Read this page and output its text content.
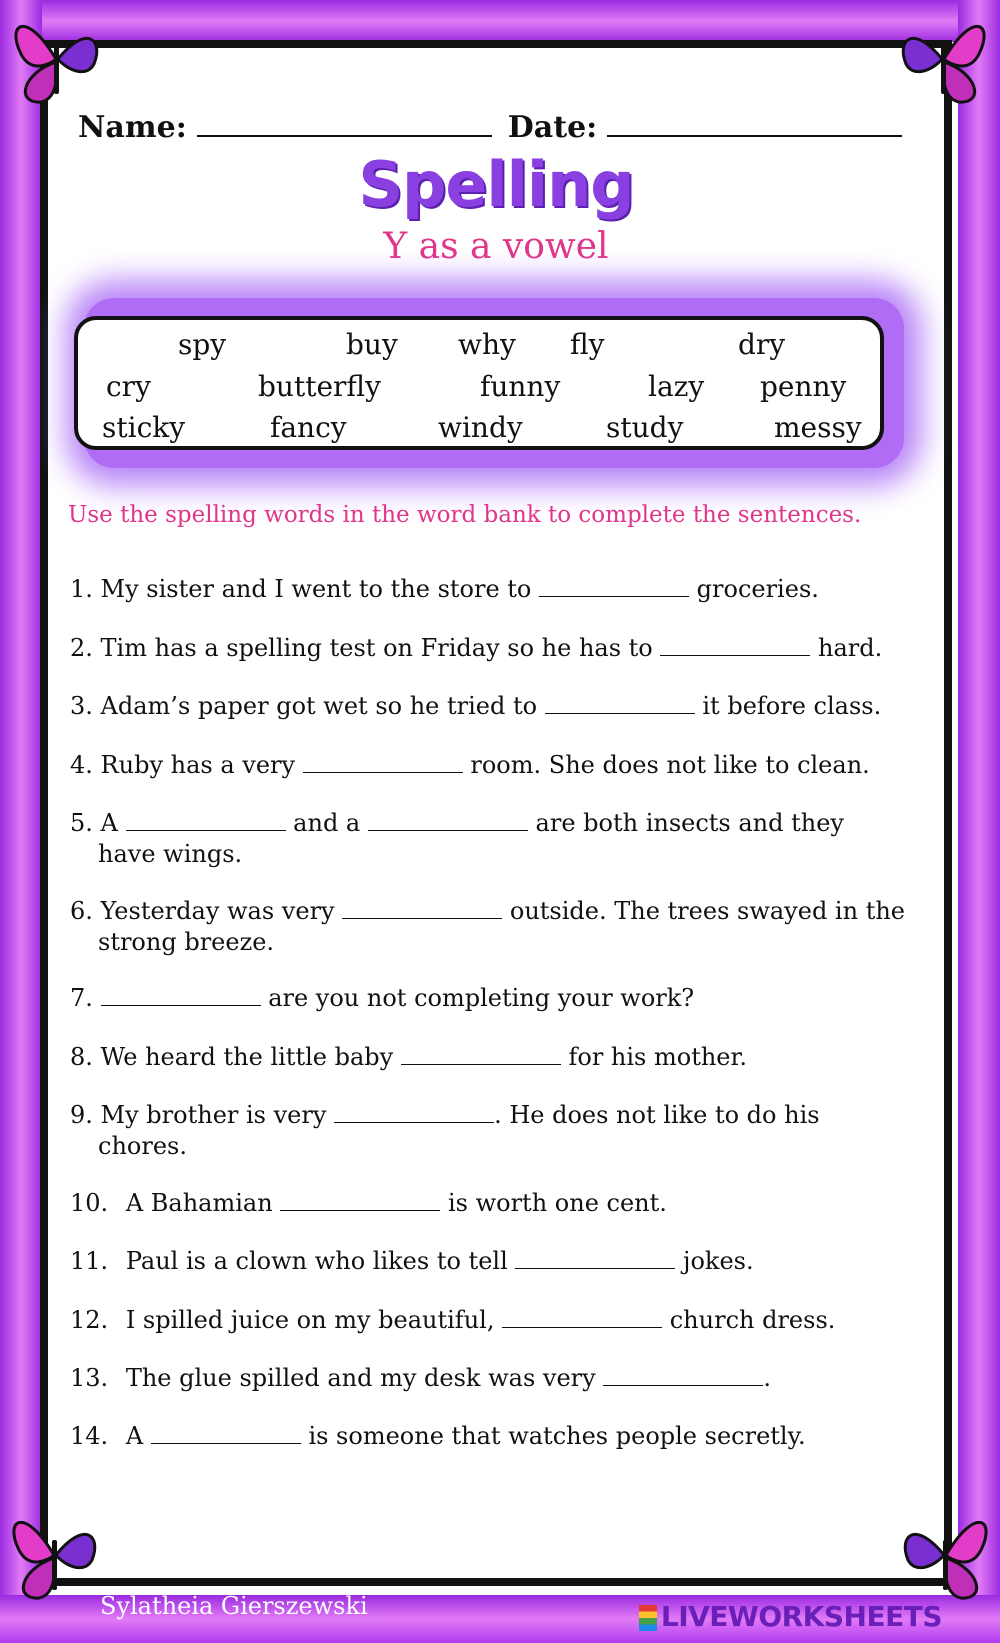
Name:	Date:
Spelling
Y as a vowel
spy	buy why fly	dry
cry	butterfly	funny	lazy penny
sticky	fancy	windy	study	messy
Use the spelling words in the word bank to complete the sentences.
1. My sister and I went to the store to	groceries.
2. Tim has a spelling test on Friday so he has to	hard.
3. Adam’s paper got wet so he tried to	it before class.
4. Ruby has a very	room. She does not like to clean.
5. A	and a	are both insects and they
have wings.
6. Yesterday was very	outside. The trees swayed in the
strong breeze.
7.	are you not completing your work?
8. We heard the little baby	for his mother.
9. My brother is very	. He does not like to do his
chores.
10. A Bahamian	is worth one cent.
11. Paul is a clown who likes to tell	jokes.
12. I spilled juice on my beautiful,	church dress.
13. The glue spilled and my desk was very	.
14. A	is someone that watches people secretly.
Sylatheia Gierszewski	LIVEWORKSHEETS
